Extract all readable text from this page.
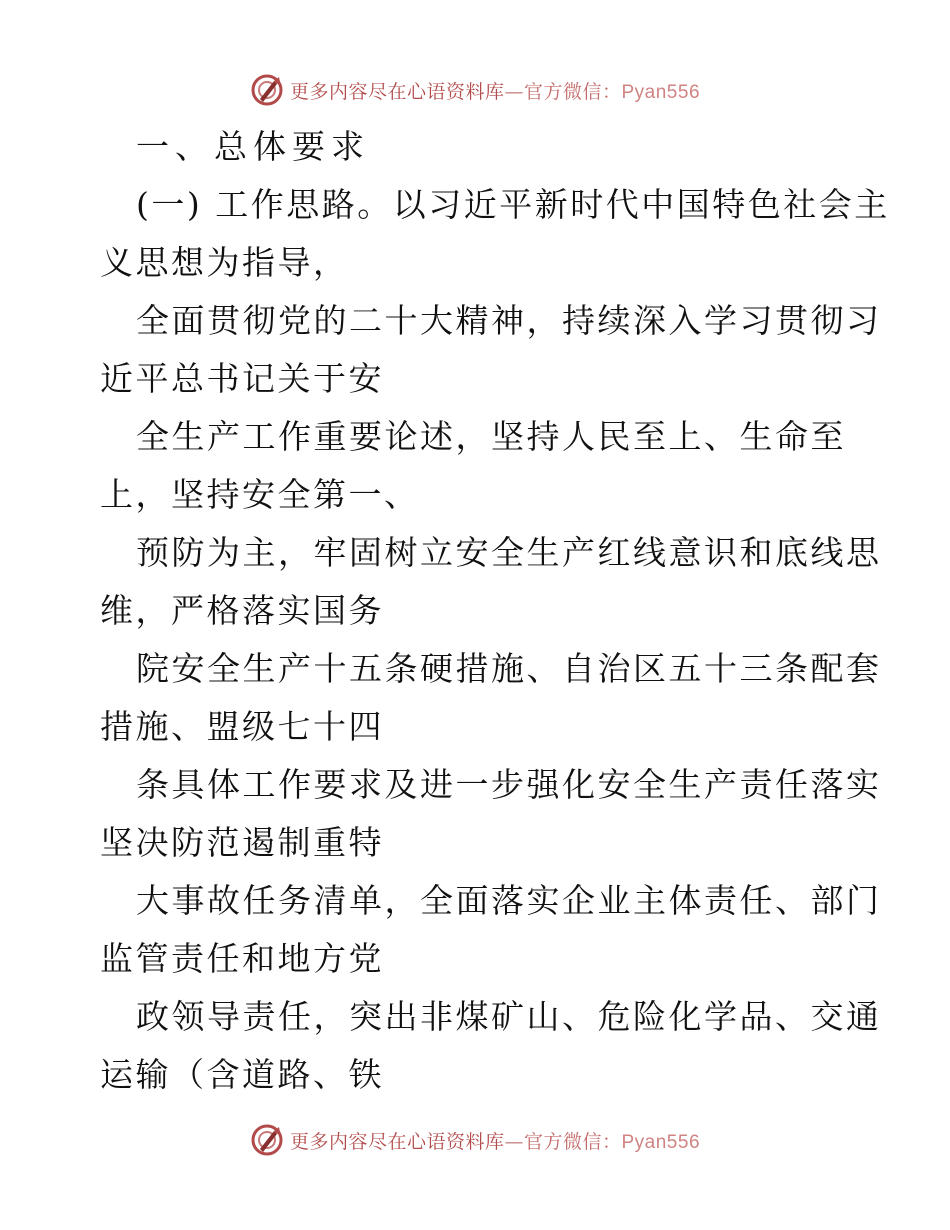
更多内容尽在心语资料库—官方微信：Pyan556
一、总体要求
(一) 工作思路。以习近平新时代中国特色社会主
义思想为指导，
全面贯彻党的二十大精神，持续深入学习贯彻习
近平总书记关于安
全生产工作重要论述，坚持人民至上、生命至
上，坚持安全第一、
预防为主，牢固树立安全生产红线意识和底线思
维，严格落实国务
院安全生产十五条硬措施、自治区五十三条配套
措施、盟级七十四
条具体工作要求及进一步强化安全生产责任落实
坚决防范遏制重特
大事故任务清单，全面落实企业主体责任、部门
监管责任和地方党
政领导责任，突出非煤矿山、危险化学品、交通
运输（含道路、铁
更多内容尽在心语资料库—官方微信：Pyan556
